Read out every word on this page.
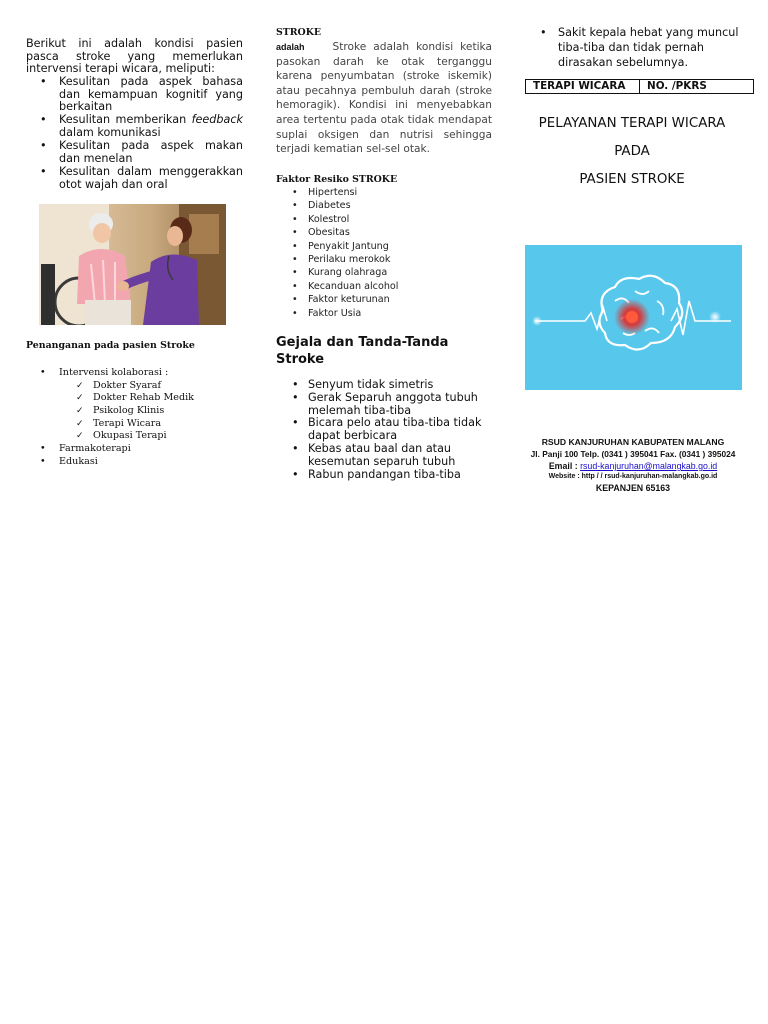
Berikut ini adalah kondisi pasien pasca stroke yang memerlukan intervensi terapi wicara, meliputi:
• Kesulitan pada aspek bahasa dan kemampuan kognitif yang berkaitan
• Kesulitan memberikan feedback dalam komunikasi
• Kesulitan pada aspek makan dan menelan
• Kesulitan dalam menggerakkan otot wajah dan oral
Penanganan pada pasien Stroke
• Intervensi kolaborasi :
✓ Dokter Syaraf
✓ Dokter Rehab Medik
✓ Psikolog Klinis
✓ Terapi Wicara
✓ Okupasi Terapi
• Farmakoterapi
• Edukasi
STROKE
adalah	Stroke adalah kondisi ketika pasokan darah ke otak terganggu karena penyumbatan (stroke iskemik) atau pecahnya pembuluh darah (stroke hemoragik). Kondisi ini menyebabkan area tertentu pada otak tidak mendapat suplai oksigen dan nutrisi sehingga terjadi kematian sel-sel otak.
Faktor Resiko STROKE
• Hipertensi
• Diabetes
• Kolestrol
• Obesitas
• Penyakit Jantung
• Perilaku merokok
• Kurang olahraga
• Kecanduan alcohol
• Faktor keturunan
• Faktor Usia
Gejala dan Tanda-Tanda Stroke
• Senyum tidak simetris
• Gerak Separuh anggota tubuh melemah tiba-tiba
• Bicara pelo atau tiba-tiba tidak dapat berbicara
• Kebas atau baal dan atau kesemutan separuh tubuh
• Rabun pandangan tiba-tiba
• Sakit kepala hebat yang muncul tiba-tiba dan tidak pernah dirasakan sebelumnya.
TERAPI WICARA	NO. /PKRS
PELAYANAN TERAPI WICARA
PADA
PASIEN STROKE
RSUD KANJURUHAN KABUPATEN MALANG
Jl. Panji 100 Telp. (0341 ) 395041 Fax. (0341 ) 395024
Email : rsud-kanjuruhan@malangkab.go.id
Website : http / / rsud-kanjuruhan-malangkab.go.id
KEPANJEN 65163
